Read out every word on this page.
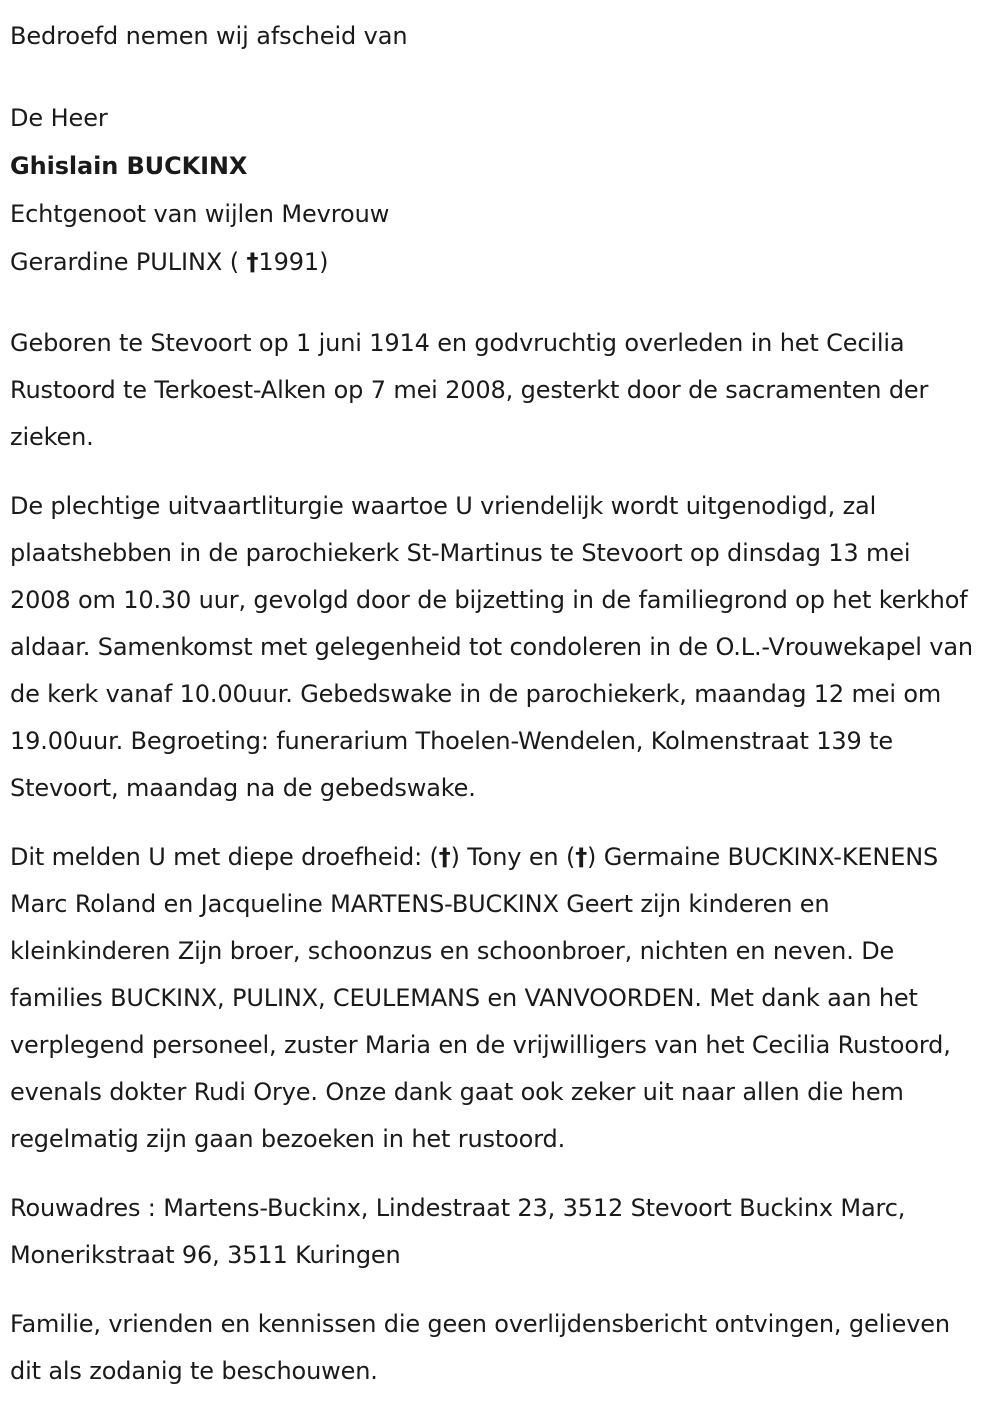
Bedroefd nemen wij afscheid van

De Heer

Ghislain BUCKINX

Echtgenoot van wijlen Mevrouw

Gerardine PULINX ( †1991)

Geboren te Stevoort op 1 juni 1914 en godvruchtig overleden in het Cecilia Rustoord te Terkoest-Alken op 7 mei 2008, gesterkt door de sacramenten der zieken.

De plechtige uitvaartliturgie waartoe U vriendelijk wordt uitgenodigd, zal plaatshebben in de parochiekerk St-Martinus te Stevoort op dinsdag 13 mei 2008 om 10.30 uur, gevolgd door de bijzetting in de familiegrond op het kerkhof aldaar. Samenkomst met gelegenheid tot condoleren in de O.L.-Vrouwekapel van de kerk vanaf 10.00uur. Gebedswake in de parochiekerk, maandag 12 mei om 19.00uur. Begroeting: funerarium Thoelen-Wendelen, Kolmenstraat 139 te Stevoort, maandag na de gebedswake.

Dit melden U met diepe droefheid: (†) Tony en (†) Germaine BUCKINX-KENENS Marc Roland en Jacqueline MARTENS-BUCKINX Geert zijn kinderen en kleinkinderen Zijn broer, schoonzus en schoonbroer, nichten en neven. De families BUCKINX, PULINX, CEULEMANS en VANVOORDEN. Met dank aan het verplegend personeel, zuster Maria en de vrijwilligers van het Cecilia Rustoord, evenals dokter Rudi Orye. Onze dank gaat ook zeker uit naar allen die hem regelmatig zijn gaan bezoeken in het rustoord.

Rouwadres : Martens-Buckinx, Lindestraat 23, 3512 Stevoort Buckinx Marc, Monerikstraat 96, 3511 Kuringen

Familie, vrienden en kennissen die geen overlijdensbericht ontvingen, gelieven dit als zodanig te beschouwen.
